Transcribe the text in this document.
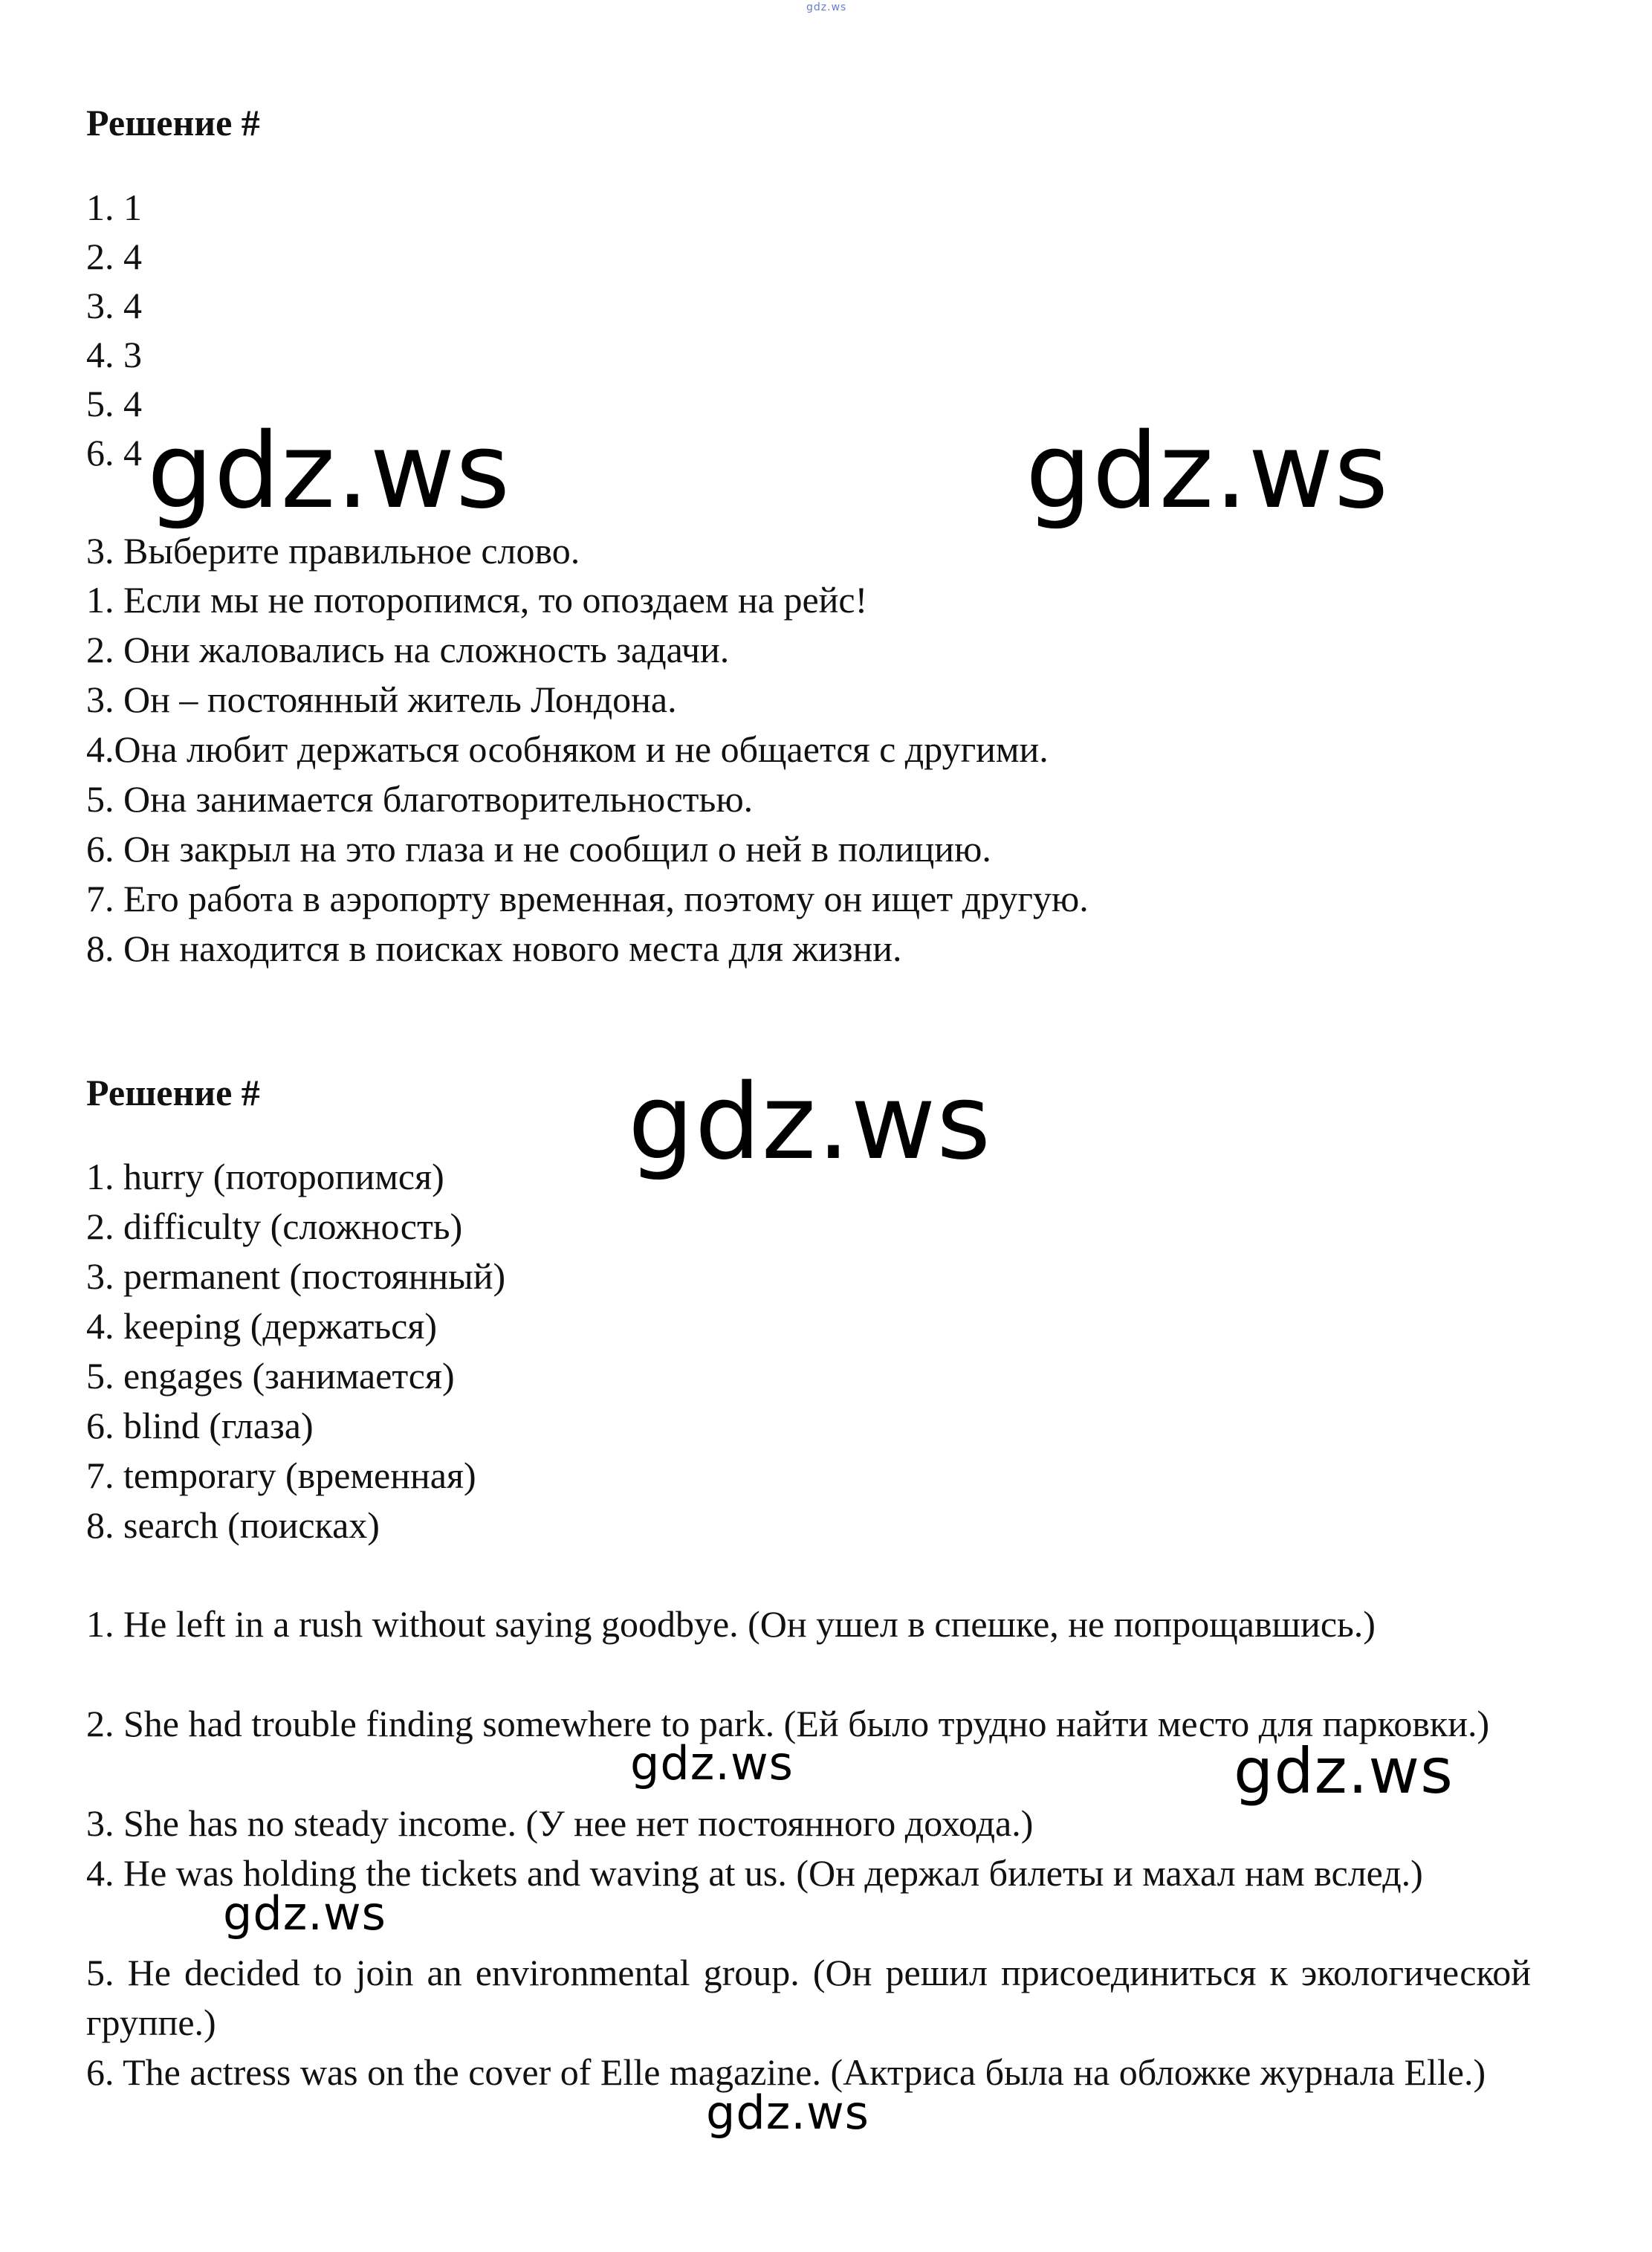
gdz.ws
Решение #
1. 1
2. 4
3. 4
4. 3
5. 4
6. 4 gdz.ws	gdz.ws
3. Выберите правильное слово.
1. Если мы не поторопимся, то опоздаем на рейс!
2. Они жаловались на сложность задачи.
3. Он – постоянный житель Лондона.
4.Она любит держаться особняком и не общается с другими.
5. Она занимается благотворительностью.
6. Он закрыл на это глаза и не сообщил о ней в полицию.
7. Его работа в аэропорту временная, поэтому он ищет другую.
8. Он находится в поисках нового места для жизни.
Решение #	gdz.ws
1. hurry (поторопимся)
2. difficulty (сложность)
3. permanent (постоянный)
4. keeping (держаться)
5. engages (занимается)
6. blind (глаза)
7. temporary (временная)
8. search (поисках)
1. He left in a rush without saying goodbye. (Он ушел в спешке, не попрощавшись.)
2. She had trouble finding somewhere to park. (Ей было трудно найти место для парковки.)
3. She has no steady income. (У нее нет постоянного дохода.)
4. He was holding the tickets and waving at us. (Он держал билеты и махал нам вслед.)
5. He decided to join an environmental group. (Он решил присоединиться к экологической группе.)
6. The actress was on the cover of Elle magazine. (Актриса была на обложке журнала Elle.)
gdz.ws	gdz.ws
gdz.ws
gdz.ws
